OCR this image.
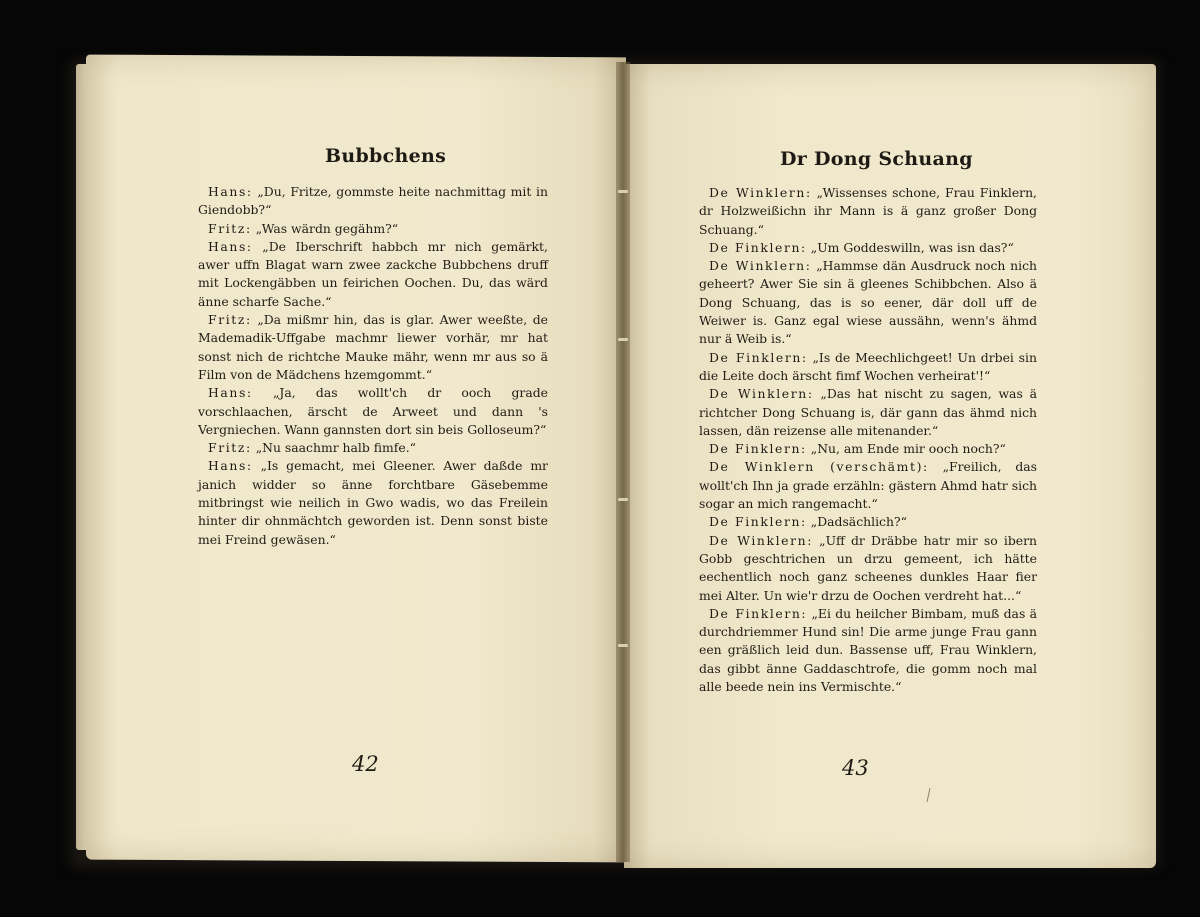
Bubbchens

Hans: „Du, Fritze, gommste heite nachmittag mit in Giendobb?“

Fritz: „Was wärdn gegähm?“

Hans: „De Iberschrift habbch mr nich gemärkt, awer uffn Blagat warn zwee zackche Bubbchens druff mit Lockengäbben un feirichen Oochen. Du, das wärd änne scharfe Sache.“

Fritz: „Da mißmr hin, das is glar. Awer weeßte, de Mademadik-Uffgabe machmr liewer vorhär, mr hat sonst nich de richtche Mauke mähr, wenn mr aus so ä Film von de Mädchens hzemgommt.“

Hans: „Ja, das wollt'ch dr ooch grade vorschlaachen, ärscht de Arweet und dann 's Vergniechen. Wann gannsten dort sin beis Gollosеum?“

Fritz: „Nu saachmr halb fimfe.“

Hans: „Is gemacht, mei Gleener. Awer daßde mr janich widder so änne forchtbare Gäsebemme mitbringst wie neilich in Gwo wadis, wo das Freilein hinter dir ohnmächtch geworden ist. Denn sonst biste mei Freind gewäsen.“

42
Dr Dong Schuang

De Winklern: „Wissenses schone, Frau Finklern, dr Holzweißichn ihr Mann is ä ganz großer Dong Schuang.“

De Finklern: „Um Goddeswilln, was isn das?“

De Winklern: „Hammse dän Ausdruck noch nich geheert? Awer Sie sin ä gleenes Schibbchen. Also ä Dong Schuang, das is so eener, där doll uff de Weiwer is. Ganz egal wiese aussähn, wenn's ähmd nur ä Weib is.“

De Finklern: „Is de Meechlichgeet! Un drbei sin die Leite doch ärscht fimf Wochen verheirat'!“

De Winklern: „Das hat nischt zu sagen, was ä richtcher Dong Schuang is, där gann das ähmd nich lassen, dän reizense alle mitenander.“

De Finklern: „Nu, am Ende mir ooch noch?“

De Winklern (verschämt): „Freilich, das wollt'ch Ihn ja grade erzähln: gästern Ahmd hatr sich sogar an mich rangemacht.“

De Finklern: „Dadsächlich?“

De Winklern: „Uff dr Dräbbe hatr mir so ibern Gobb geschtrichen un drzu gemeent, ich hätte eechentlich noch ganz scheenes dunkles Haar fier mei Alter. Un wie'r drzu de Oochen verdreht hat...“

De Finklern: „Ei du heilcher Bimbam, muß das ä durchdriemmer Hund sin! Die arme junge Frau gann een gräßlich leid dun. Bassense uff, Frau Winklern, das gibbt änne Gaddaschtrofe, die gomm noch mal alle beede nein ins Vermischte.“

43
